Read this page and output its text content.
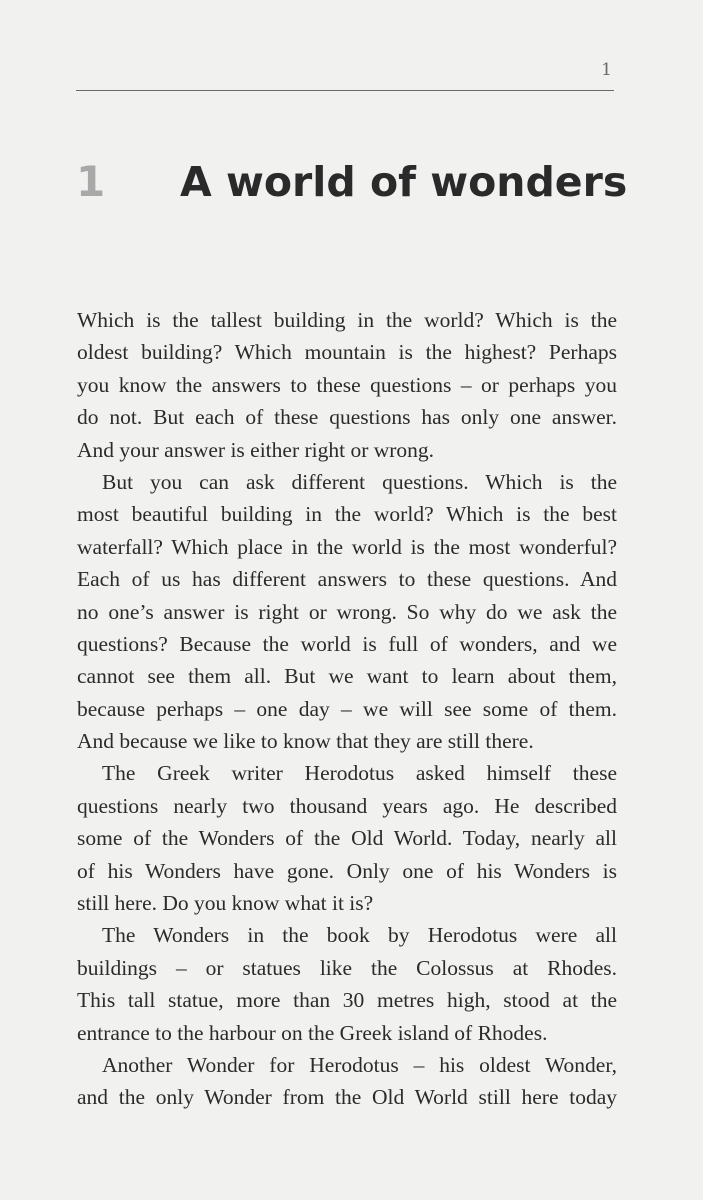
1
1 A world of wonders

Which is the tallest building in the world? Which is the
oldest building? Which mountain is the highest? Perhaps
you know the answers to these questions – or perhaps you
do not. But each of these questions has only one answer.
And your answer is either right or wrong.

But you can ask different questions. Which is the
most beautiful building in the world? Which is the best
waterfall? Which place in the world is the most wonderful?
Each of us has different answers to these questions. And
no one’s answer is right or wrong. So why do we ask the
questions? Because the world is full of wonders, and we
cannot see them all. But we want to learn about them,
because perhaps – one day – we will see some of them.
And because we like to know that they are still there.

The Greek writer Herodotus asked himself these
questions nearly two thousand years ago. He described
some of the Wonders of the Old World. Today, nearly all
of his Wonders have gone. Only one of his Wonders is
still here. Do you know what it is?

The Wonders in the book by Herodotus were all
buildings – or statues like the Colossus at Rhodes.
This tall statue, more than 30 metres high, stood at the
entrance to the harbour on the Greek island of Rhodes.

Another Wonder for Herodotus – his oldest Wonder,
and the only Wonder from the Old World still here today
